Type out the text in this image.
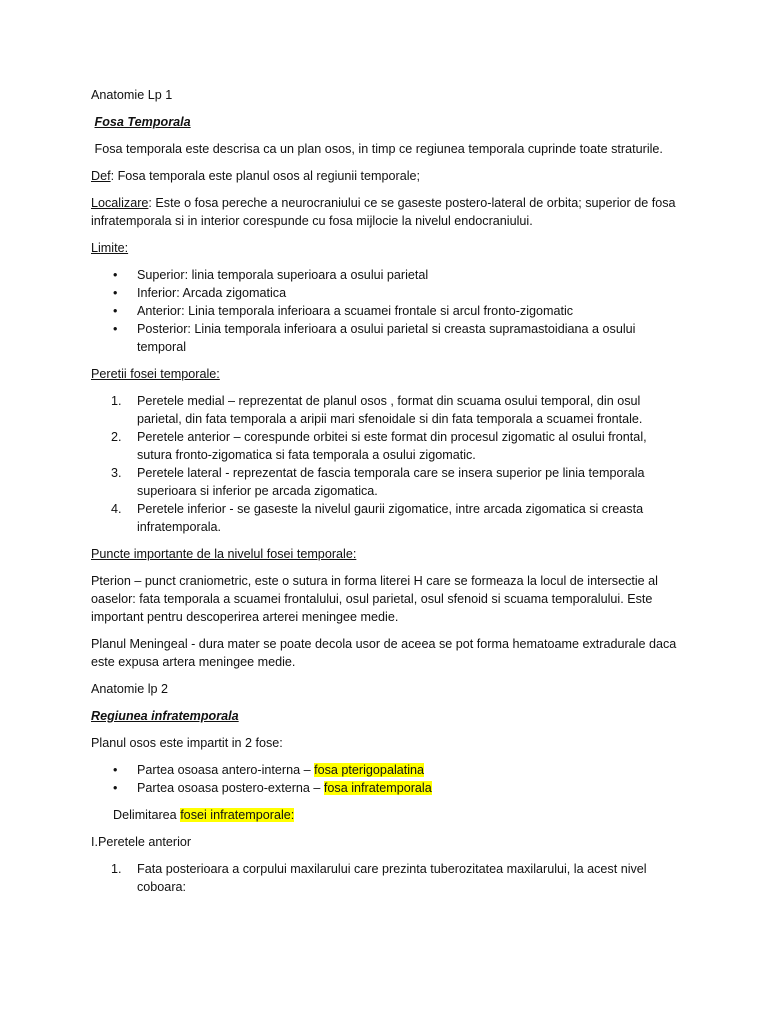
Anatomie Lp 1

Fosa Temporala

Fosa temporala este descrisa ca un plan osos, in timp ce regiunea temporala cuprinde toate straturile.

Def: Fosa temporala este planul osos al regiunii temporale;

Localizare: Este o fosa pereche a neurocraniului ce se gaseste postero-lateral de orbita; superior de fosa infratemporala si in interior corespunde cu fosa mijlocie la nivelul endocraniului.

Limite:

• Superior: linia temporala superioara a osului parietal
• Inferior: Arcada zigomatica
• Anterior: Linia temporala inferioara a scuamei frontale si arcul fronto-zigomatic
• Posterior: Linia temporala inferioara a osului parietal si creasta supramastoidiana a osului temporal

Peretii fosei temporale:

1. Peretele medial – reprezentat de planul osos , format din scuama osului temporal, din osul parietal, din fata temporala a aripii mari sfenoidale si din fata temporala a scuamei frontale.
2. Peretele anterior – corespunde orbitei si este format din procesul zigomatic al osului frontal, sutura fronto-zigomatica si fata temporala a osului zigomatic.
3. Peretele lateral - reprezentat de fascia temporala care se insera superior pe linia temporala superioara si inferior pe arcada zigomatica.
4. Peretele inferior - se gaseste la nivelul gaurii zigomatice, intre arcada zigomatica si creasta infratemporala.

Puncte importante de la nivelul fosei temporale:

Pterion – punct craniometric, este o sutura in forma literei H care se formeaza la locul de intersectie al oaselor: fata temporala a scuamei frontalului, osul parietal, osul sfenoid si scuama temporalului. Este important pentru descoperirea arterei meningee medie.

Planul Meningeal - dura mater se poate decola usor de aceea se pot forma hematoame extradurale daca este expusa artera meningee medie.

Anatomie lp 2

Regiunea infratemporala

Planul osos este impartit in 2 fose:

• Partea osoasa antero-interna – fosa pterigopalatina
• Partea osoasa postero-externa – fosa infratemporala

Delimitarea fosei infratemporale:

I.Peretele anterior

1. Fata posterioara a corpului maxilarului care prezinta tuberozitatea maxilarului, la acest nivel coboara:
